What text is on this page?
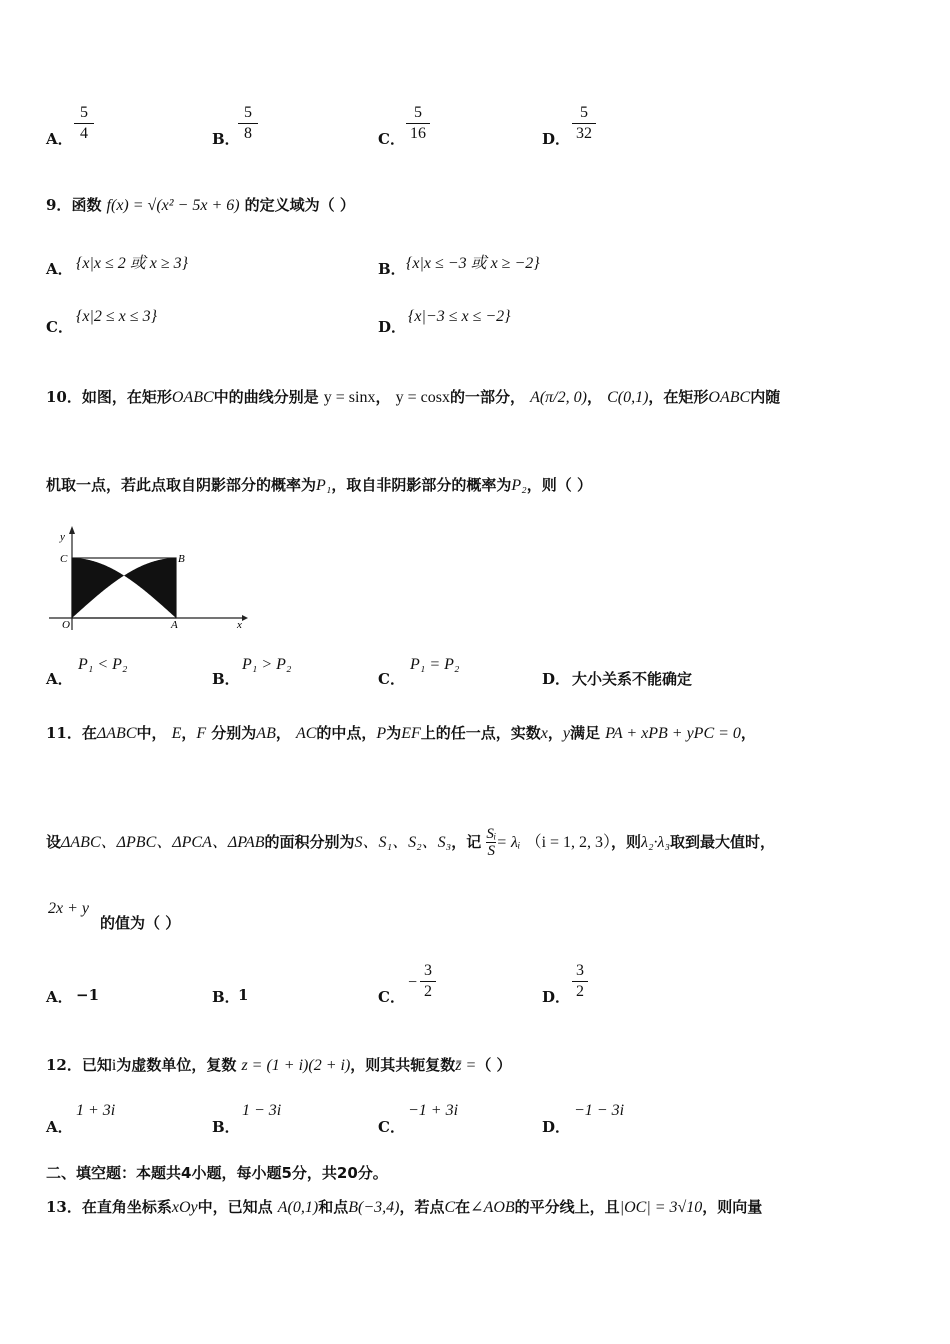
A．
5
4	B．
5
8	C．
5
16	D．
5
32
9．函数 f(x) = √(x² − 5x + 6) 的定义域为（ ）
A． {x|x ≤ 2 或 x ≥ 3}	B． {x|x ≤ −3 或 x ≥ −2}
C．
{x|2 ≤ x ≤ 3}
D．
{x|−3 ≤ x ≤ −2}
10．如图，在矩形OABC中的曲线分别是 y = sinx， y = cosx的一部分， A(π/2, 0)， C(0,1)，在矩形OABC内随
机取一点，若此点取自阴影部分的概率为P₁，取自非阴影部分的概率为P₂，则（ ）
y
C	B
O	A	x
A．
P₁ < P₂
B．
P₁ > P₂
C．
P₁ = P₂
D． 大小关系不能确定
11．在ΔABC中， E，F 分别为AB， AC的中点，P为EF上的任一点，实数x，y满足 PA + xPB + yPC = 0，
设ΔABC、ΔPBC、ΔPCA、ΔPAB的面积分别为S、S₁、S₂、S₃，记 $\frac{\text{Sᵢ}}{S}$ = λᵢ （i = 1, 2, 3），则λ₂·λ₃取到最大值时，
2x + y
的值为（ ）
A． −1	B．
1	C．
−
3
2	D．
3
2
12．已知i为虚数单位，复数 z = (1 + i)(2 + i)，则其共轭复数z̄ =（ ）
A．
1 + 3i
B．
1 − 3i
C．
−1 + 3i
D．
−1 − 3i
二、填空题：本题共4小题，每小题5分，共20分。
13．在直角坐标系xOy中，已知点 A(0,1)和点B(−3,4)，若点C在∠AOB的平分线上，且|OC| = 3√10，则向量
